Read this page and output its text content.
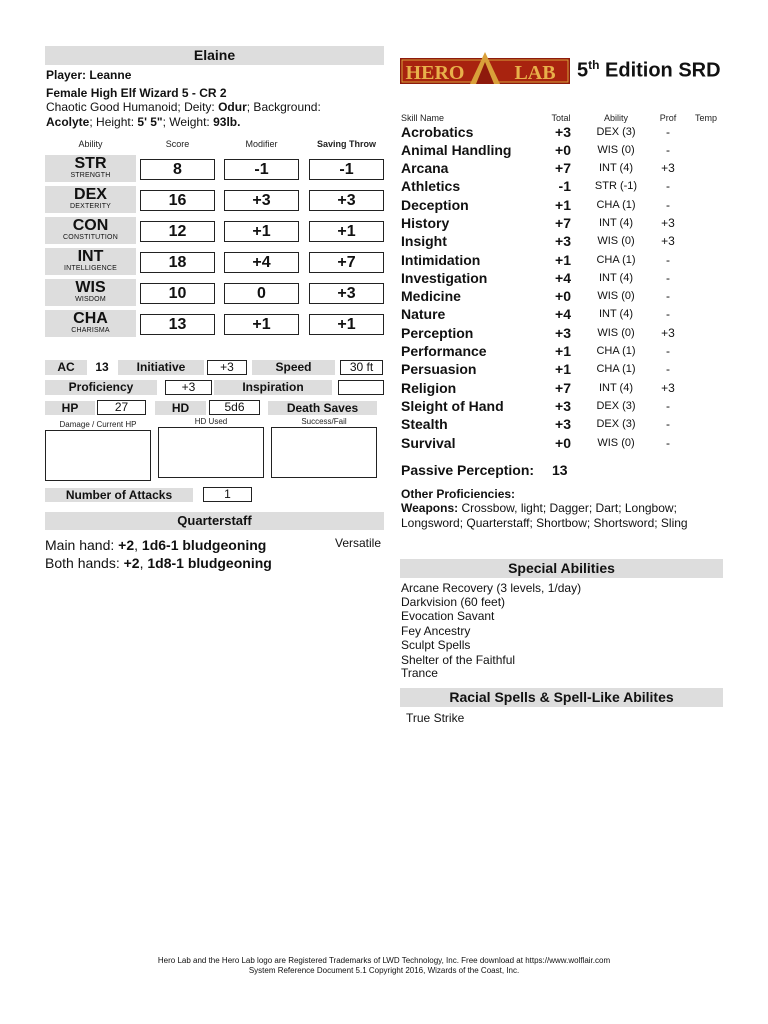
Elaine
Player: Leanne
Female High Elf Wizard 5 - CR 2
Chaotic Good Humanoid; Deity: Odur; Background:
Acolyte; Height: 5' 5"; Weight: 93lb.
Ability	Score	Modifier	Saving Throw
STR
STRENGTH	8	-1	-1
DEX
DEXTERITY	16	+3	+3
CON
CONSTITUTION	12	+1	+1
INT
INTELLIGENCE	18	+4	+7
WIS
WISDOM	10	0	+3
CHA
CHARISMA	13	+1	+1
AC	13	Initiative	+3	Speed	30 ft
Proficiency	+3	Inspiration
HP	27	HD	5d6	Death Saves
Damage / Current HP	HD Used	Success/Fail
Number of Attacks	1
Quarterstaff
Versatile
Main hand: +2, 1d6-1 bludgeoning
Both hands: +2, 1d8-1 bludgeoning
HERO LAB 5th Edition SRD
Skill Name	Total	Ability	Prof	Temp
Acrobatics	+3	DEX (3)	-
Animal Handling	+0	WIS (0)	-
Arcana	+7	INT (4)	+3
Athletics	-1	STR (-1)	-
Deception	+1	CHA (1)	-
History	+7	INT (4)	+3
Insight	+3	WIS (0)	+3
Intimidation	+1	CHA (1)	-
Investigation	+4	INT (4)	-
Medicine	+0	WIS (0)	-
Nature	+4	INT (4)	-
Perception	+3	WIS (0)	+3
Performance	+1	CHA (1)	-
Persuasion	+1	CHA (1)	-
Religion	+7	INT (4)	+3
Sleight of Hand	+3	DEX (3)	-
Stealth	+3	DEX (3)	-
Survival	+0	WIS (0)	-
Passive Perception: 13
Other Proficiencies:
Weapons: Crossbow, light; Dagger; Dart; Longbow;
Longsword; Quarterstaff; Shortbow; Shortsword; Sling
Special Abilities
Arcane Recovery (3 levels, 1/day)
Darkvision (60 feet)
Evocation Savant
Fey Ancestry
Sculpt Spells
Shelter of the Faithful
Trance
Racial Spells & Spell-Like Abilites
True Strike
Hero Lab and the Hero Lab logo are Registered Trademarks of LWD Technology, Inc. Free download at https://www.wolflair.com
System Reference Document 5.1 Copyright 2016, Wizards of the Coast, Inc.
